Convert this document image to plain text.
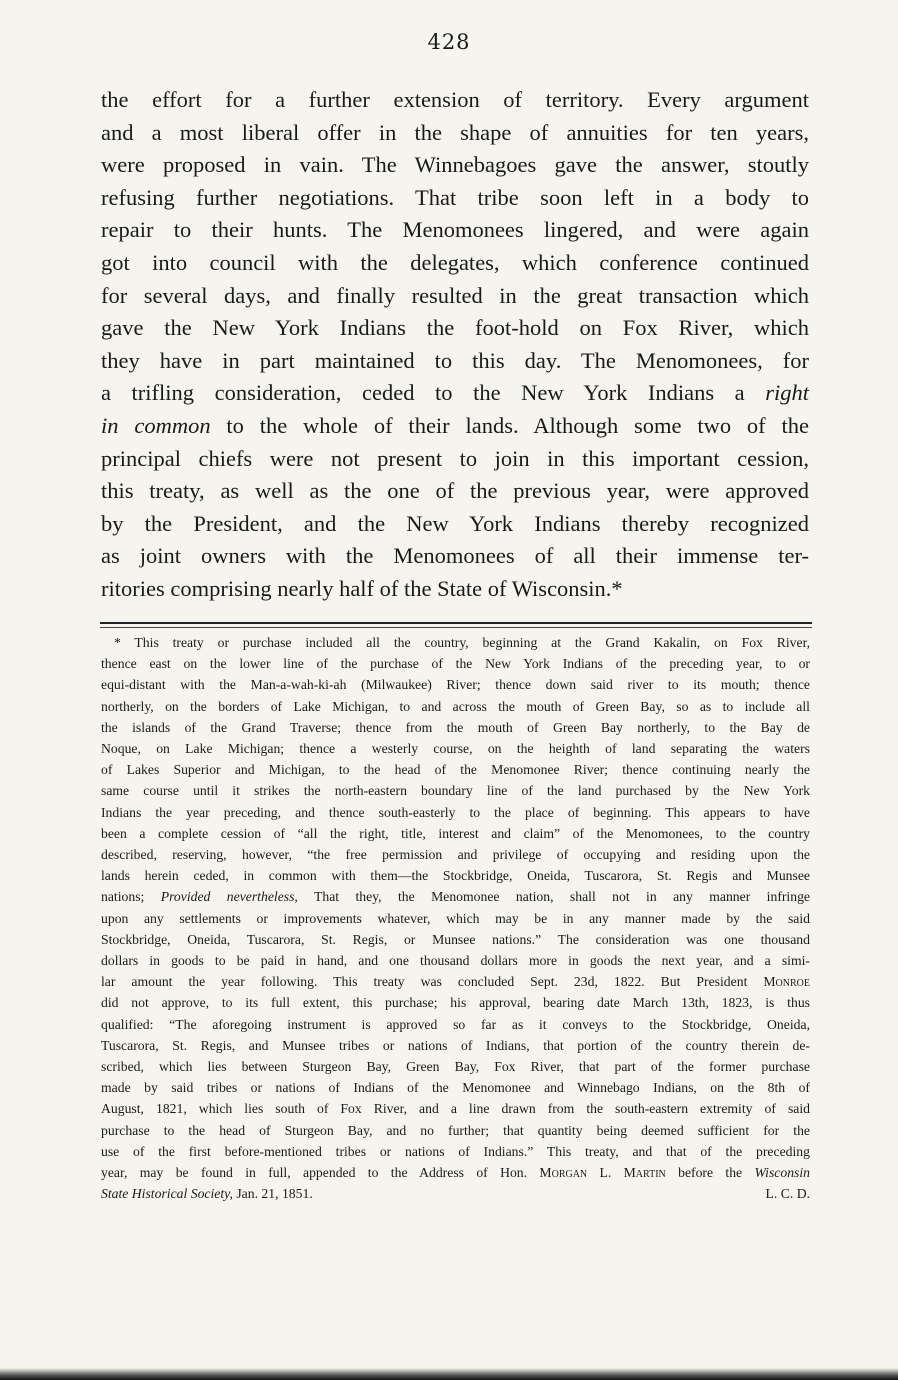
428
the effort for a further extension of territory. Every argument
and a most liberal offer in the shape of annuities for ten years,
were proposed in vain. The Winnebagoes gave the answer, stoutly
refusing further negotiations. That tribe soon left in a body to
repair to their hunts. The Menomonees lingered, and were again
got into council with the delegates, which conference continued
for several days, and finally resulted in the great transaction which
gave the New York Indians the foot-hold on Fox River, which
they have in part maintained to this day. The Menomonees, for
a trifling consideration, ceded to the New York Indians a right
in common to the whole of their lands. Although some two of the
principal chiefs were not present to join in this important cession,
this treaty, as well as the one of the previous year, were approved
by the President, and the New York Indians thereby recognized
as joint owners with the Menomonees of all their immense ter-
ritories comprising nearly half of the State of Wisconsin.*
* This treaty or purchase included all the country, beginning at the Grand Kakalin, on Fox River,
thence east on the lower line of the purchase of the New York Indians of the preceding year, to or
equi-distant with the Man-a-wah-ki-ah (Milwaukee) River; thence down said river to its mouth; thence
northerly, on the borders of Lake Michigan, to and across the mouth of Green Bay, so as to include all
the islands of the Grand Traverse; thence from the mouth of Green Bay northerly, to the Bay de
Noque, on Lake Michigan; thence a westerly course, on the heighth of land separating the waters
of Lakes Superior and Michigan, to the head of the Menomonee River; thence continuing nearly the
same course until it strikes the north-eastern boundary line of the land purchased by the New York
Indians the year preceding, and thence south-easterly to the place of beginning. This appears to have
been a complete cession of “all the right, title, interest and claim” of the Menomonees, to the country
described, reserving, however, “the free permission and privilege of occupying and residing upon the
lands herein ceded, in common with them—the Stockbridge, Oneida, Tuscarora, St. Regis and Munsee
nations; Provided nevertheless, That they, the Menomonee nation, shall not in any manner infringe
upon any settlements or improvements whatever, which may be in any manner made by the said
Stockbridge, Oneida, Tuscarora, St. Regis, or Munsee nations.” The consideration was one thousand
dollars in goods to be paid in hand, and one thousand dollars more in goods the next year, and a simi-
lar amount the year following. This treaty was concluded Sept. 23d, 1822. But President Monroe
did not approve, to its full extent, this purchase; his approval, bearing date March 13th, 1823, is thus
qualified: “The aforegoing instrument is approved so far as it conveys to the Stockbridge, Oneida,
Tuscarora, St. Regis, and Munsee tribes or nations of Indians, that portion of the country therein de-
scribed, which lies between Sturgeon Bay, Green Bay, Fox River, that part of the former purchase
made by said tribes or nations of Indians of the Menomonee and Winnebago Indians, on the 8th of
August, 1821, which lies south of Fox River, and a line drawn from the south-eastern extremity of said
purchase to the head of Sturgeon Bay, and no further; that quantity being deemed sufficient for the
use of the first before-mentioned tribes or nations of Indians.” This treaty, and that of the preceding
year, may be found in full, appended to the Address of Hon. Morgan L. Martin before the Wisconsin
State Historical Society, Jan. 21, 1851.	L. C. D.
